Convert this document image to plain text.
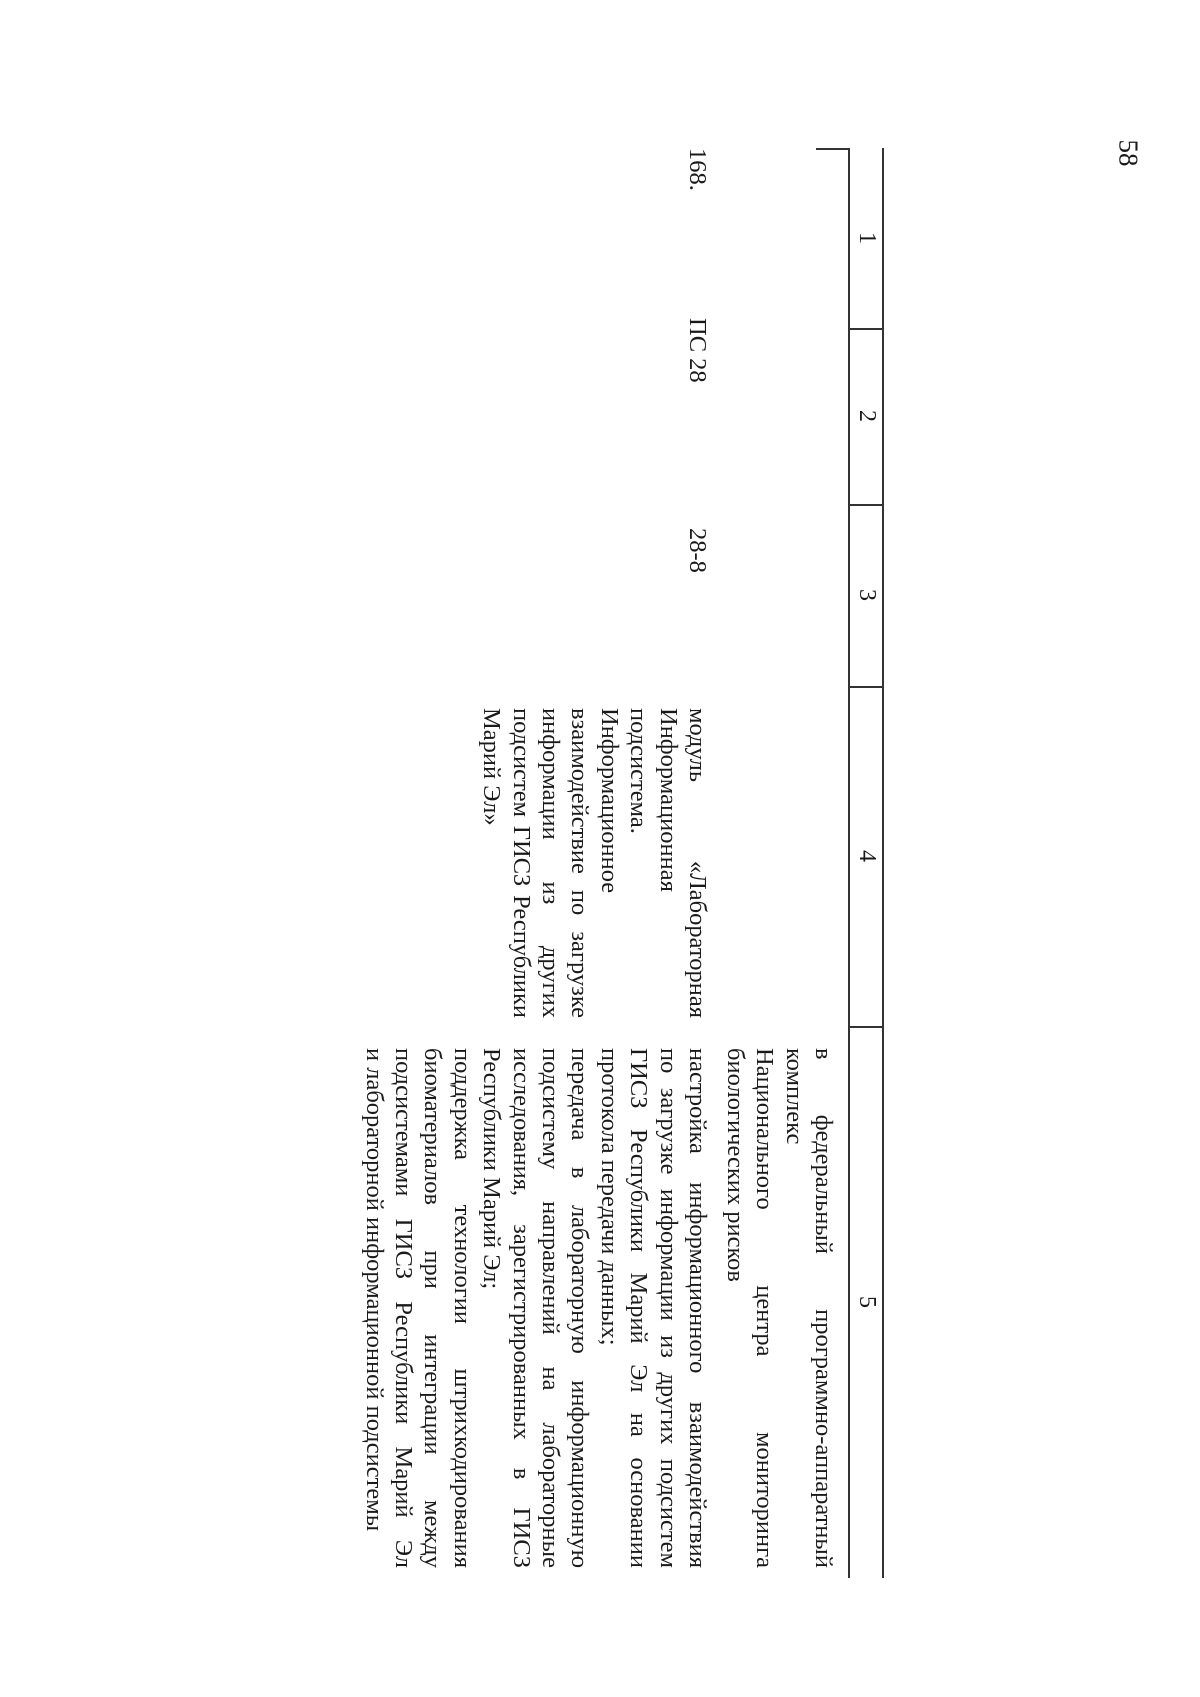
58
1
2
3
4
5
в федеральный программно-аппаратный комплекс
Национального центра мониторинга
биологических рисков
168.
ПС 28
28-8
модуль «Лабораторная
Информационная подсистема.
Информационное
взаимодействие по загрузке
информации из других
подсистем ГИСЗ Республики
Марий Эл»
настройка информационного взаимодействия
по загрузке информации из других подсистем
ГИСЗ Республики Марий Эл на основании
протокола передачи данных;
передача в лабораторную информационную
подсистему направлений на лабораторные
исследования, зарегистрированных в ГИСЗ
Республики Марий Эл;
поддержка технологии штрихкодирования
биоматериалов при интеграции между
подсистемами ГИСЗ Республики Марий Эл
и лабораторной информационной подсистемы
